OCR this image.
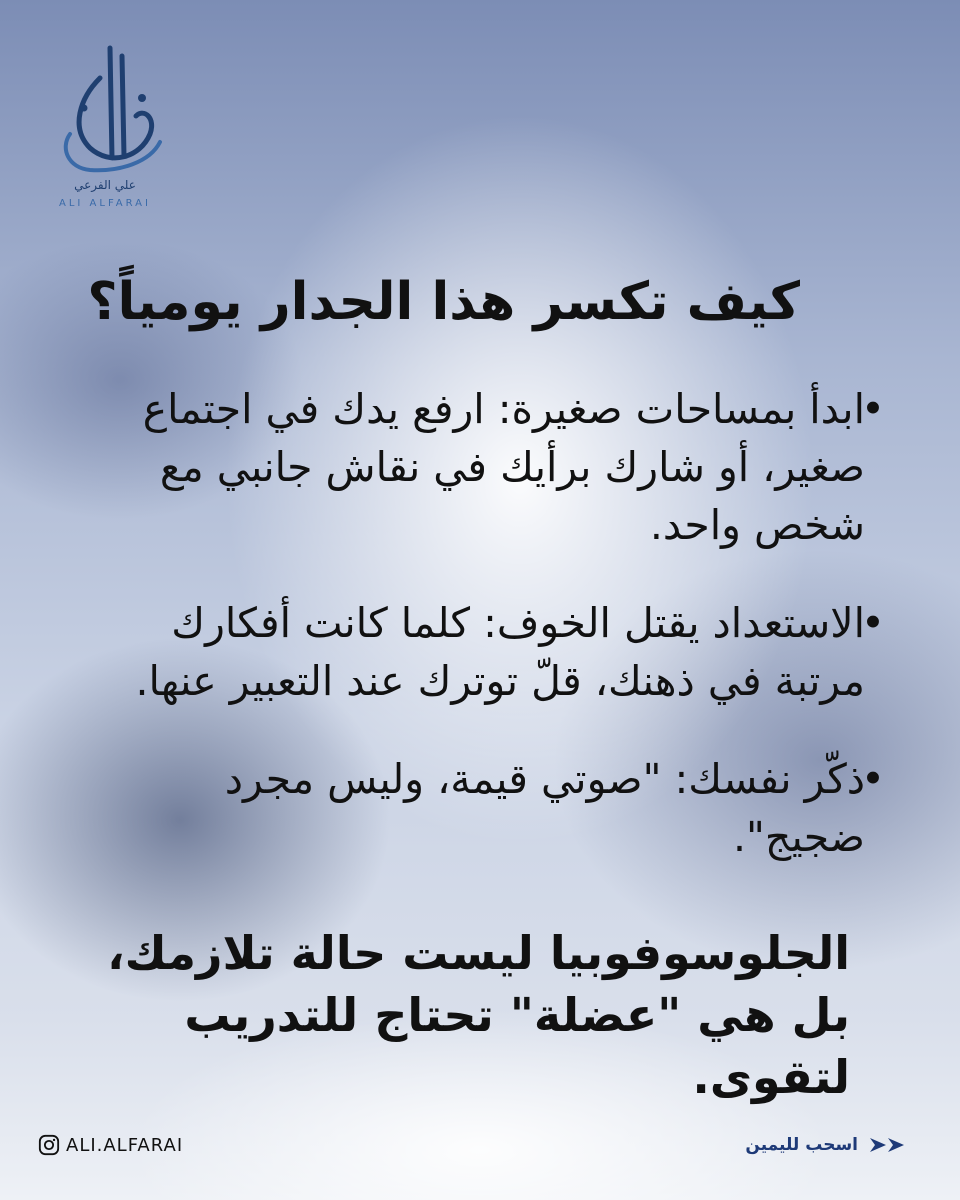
علي الفرعي
ALI ALFARAI
كيف تكسر هذا الجدار يومياً؟
•
ابدأ بمساحات صغيرة: ارفع يدك في اجتماع صغير، أو شارك برأيك في نقاش جانبي مع شخص واحد.
•
الاستعداد يقتل الخوف: كلما كانت أفكارك مرتبة في ذهنك، قلّ توترك عند التعبير عنها.
•
ذكّر نفسك: "صوتي قيمة، وليس مجرد ضجيج".

الجلوسوفوبيا ليست حالة تلازمك، بل هي "عضلة" تحتاج للتدريب لتقوى.

ALI.ALFARAI	اسحب لليمين
